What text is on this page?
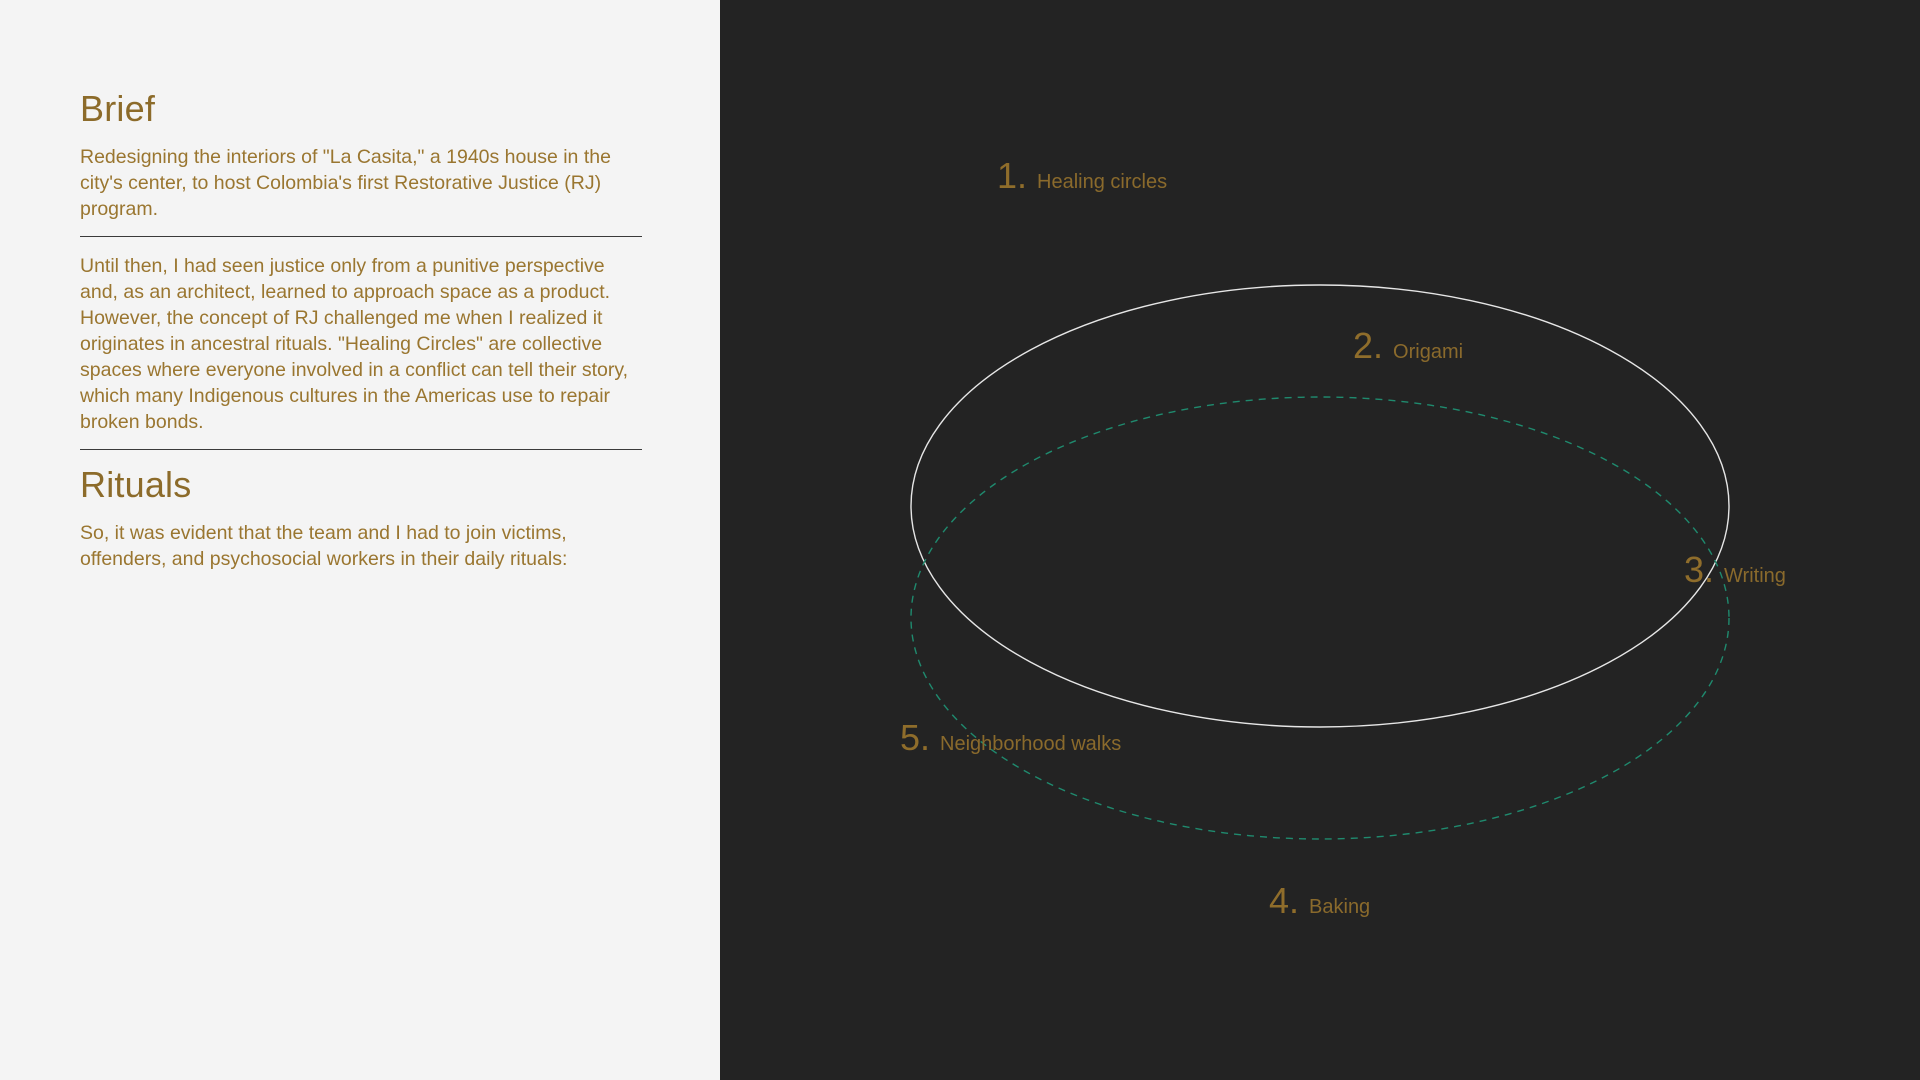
Brief

Redesigning the interiors of "La Casita," a 1940s house in the city's center, to host Colombia's first Restorative Justice (RJ) program.

Until then, I had seen justice only from a punitive perspective and, as an architect, learned to approach space as a product. However, the concept of RJ challenged me when I realized it originates in ancestral rituals. "Healing Circles" are collective spaces where everyone involved in a conflict can tell their story, which many Indigenous cultures in the Americas use to repair broken bonds.

Rituals

So, it was evident that the team and I had to join victims, offenders, and psychosocial workers in their daily rituals:

1. Healing circles
2. Origami
3. Writing
4. Baking
5. Neighborhood walks
